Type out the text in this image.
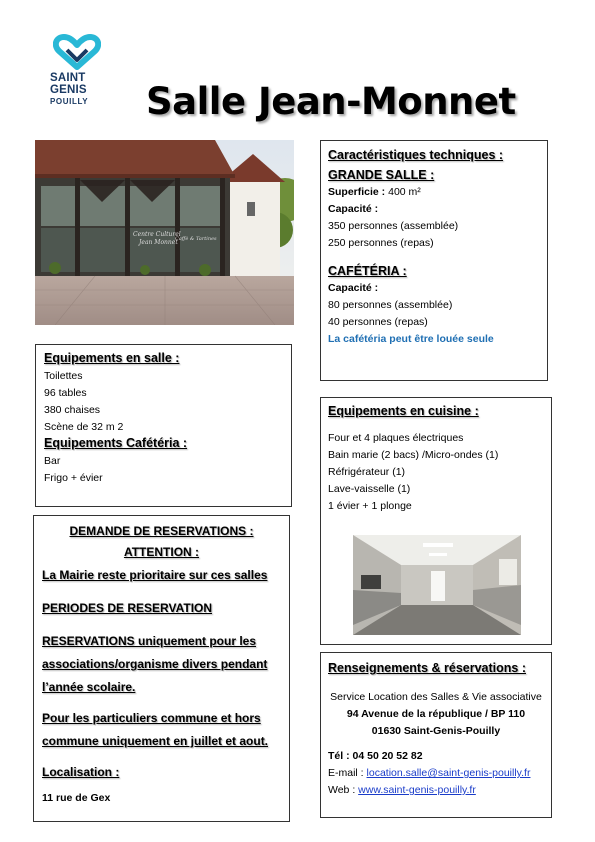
SAINT
GENIS
POUILLY	Salle Jean-Monnet
Centre Culturel
Jean Monnet
Caffè & Tartines
Caractéristiques techniques :
GRANDE SALLE :
Superficie : 400 m²
Capacité :
350 personnes (assemblée)
250 personnes (repas)
CAFÉTÉRIA :
Capacité :
80 personnes (assemblée)
40 personnes (repas)
La cafétéria peut être louée seule
Equipements en salle :
Toilettes
96 tables
380 chaises
Scène de 32 m 2
Equipements Cafétéria :
Bar
Frigo + évier
Equipements en cuisine :
Four et 4 plaques électriques
Bain marie (2 bacs) /Micro-ondes (1)
Réfrigérateur (1)
Lave-vaisselle (1)
1 évier + 1 plonge
DEMANDE DE RESERVATIONS :
ATTENTION :
La Mairie reste prioritaire sur ces salles
PERIODES DE RESERVATION
RESERVATIONS uniquement pour les
associations/organisme divers pendant
l’année scolaire.
Pour les particuliers commune et hors
commune uniquement en juillet et aout.
Localisation :
11 rue de Gex
Renseignements & réservations :
Service Location des Salles & Vie associative
94 Avenue de la république / BP 110
01630 Saint-Genis-Pouilly
Tél : 04 50 20 52 82
E-mail : location.salle@saint-genis-pouilly.fr
Web : www.saint-genis-pouilly.fr
